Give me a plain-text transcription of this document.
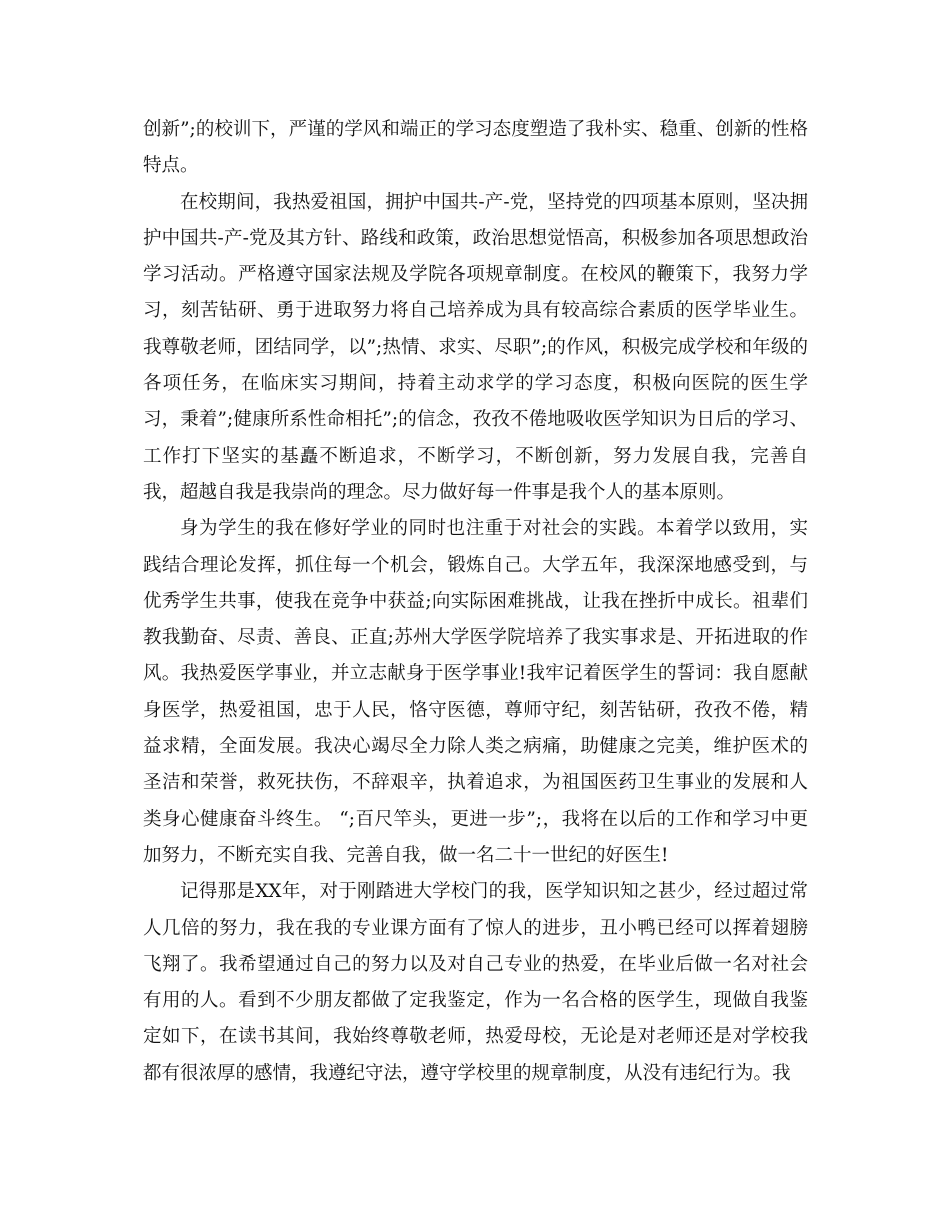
创新”;的校训下，严谨的学风和端正的学习态度塑造了我朴实、稳重、创新的性格特点。

在校期间，我热爱祖国，拥护中国共-产-党，坚持党的四项基本原则，坚决拥护中国共-产-党及其方针、路线和政策，政治思想觉悟高，积极参加各项思想政治学习活动。严格遵守国家法规及学院各项规章制度。在校风的鞭策下，我努力学习，刻苦钻研、勇于进取努力将自己培养成为具有较高综合素质的医学毕业生。我尊敬老师，团结同学，以”;热情、求实、尽职”;的作风，积极完成学校和年级的各项任务，在临床实习期间，持着主动求学的学习态度，积极向医院的医生学习，秉着”;健康所系性命相托”;的信念，孜孜不倦地吸收医学知识为日后的学习、工作打下坚实的基矗不断追求，不断学习，不断创新，努力发展自我，完善自我，超越自我是我崇尚的理念。尽力做好每一件事是我个人的基本原则。

身为学生的我在修好学业的同时也注重于对社会的实践。本着学以致用，实践结合理论发挥，抓住每一个机会，锻炼自己。大学五年，我深深地感受到，与优秀学生共事，使我在竞争中获益;向实际困难挑战，让我在挫折中成长。祖辈们教我勤奋、尽责、善良、正直;苏州大学医学院培养了我实事求是、开拓进取的作风。我热爱医学事业，并立志献身于医学事业!我牢记着医学生的誓词：我自愿献身医学，热爱祖国，忠于人民，恪守医德，尊师守纪，刻苦钻研，孜孜不倦，精益求精，全面发展。我决心竭尽全力除人类之病痛，助健康之完美，维护医术的圣洁和荣誉，救死扶伤，不辞艰辛，执着追求，为祖国医药卫生事业的发展和人类身心健康奋斗终生。 “;百尺竿头，更进一步”;，我将在以后的工作和学习中更加努力，不断充实自我、完善自我，做一名二十一世纪的好医生!

记得那是XX年，对于刚踏进大学校门的我，医学知识知之甚少，经过超过常人几倍的努力，我在我的专业课方面有了惊人的进步，丑小鸭已经可以挥着翅膀飞翔了。我希望通过自己的努力以及对自己专业的热爱，在毕业后做一名对社会有用的人。看到不少朋友都做了定我鉴定，作为一名合格的医学生，现做自我鉴定如下，在读书其间，我始终尊敬老师，热爱母校，无论是对老师还是对学校我都有很浓厚的感情，我遵纪守法，遵守学校里的规章制度，从没有违纪行为。我
